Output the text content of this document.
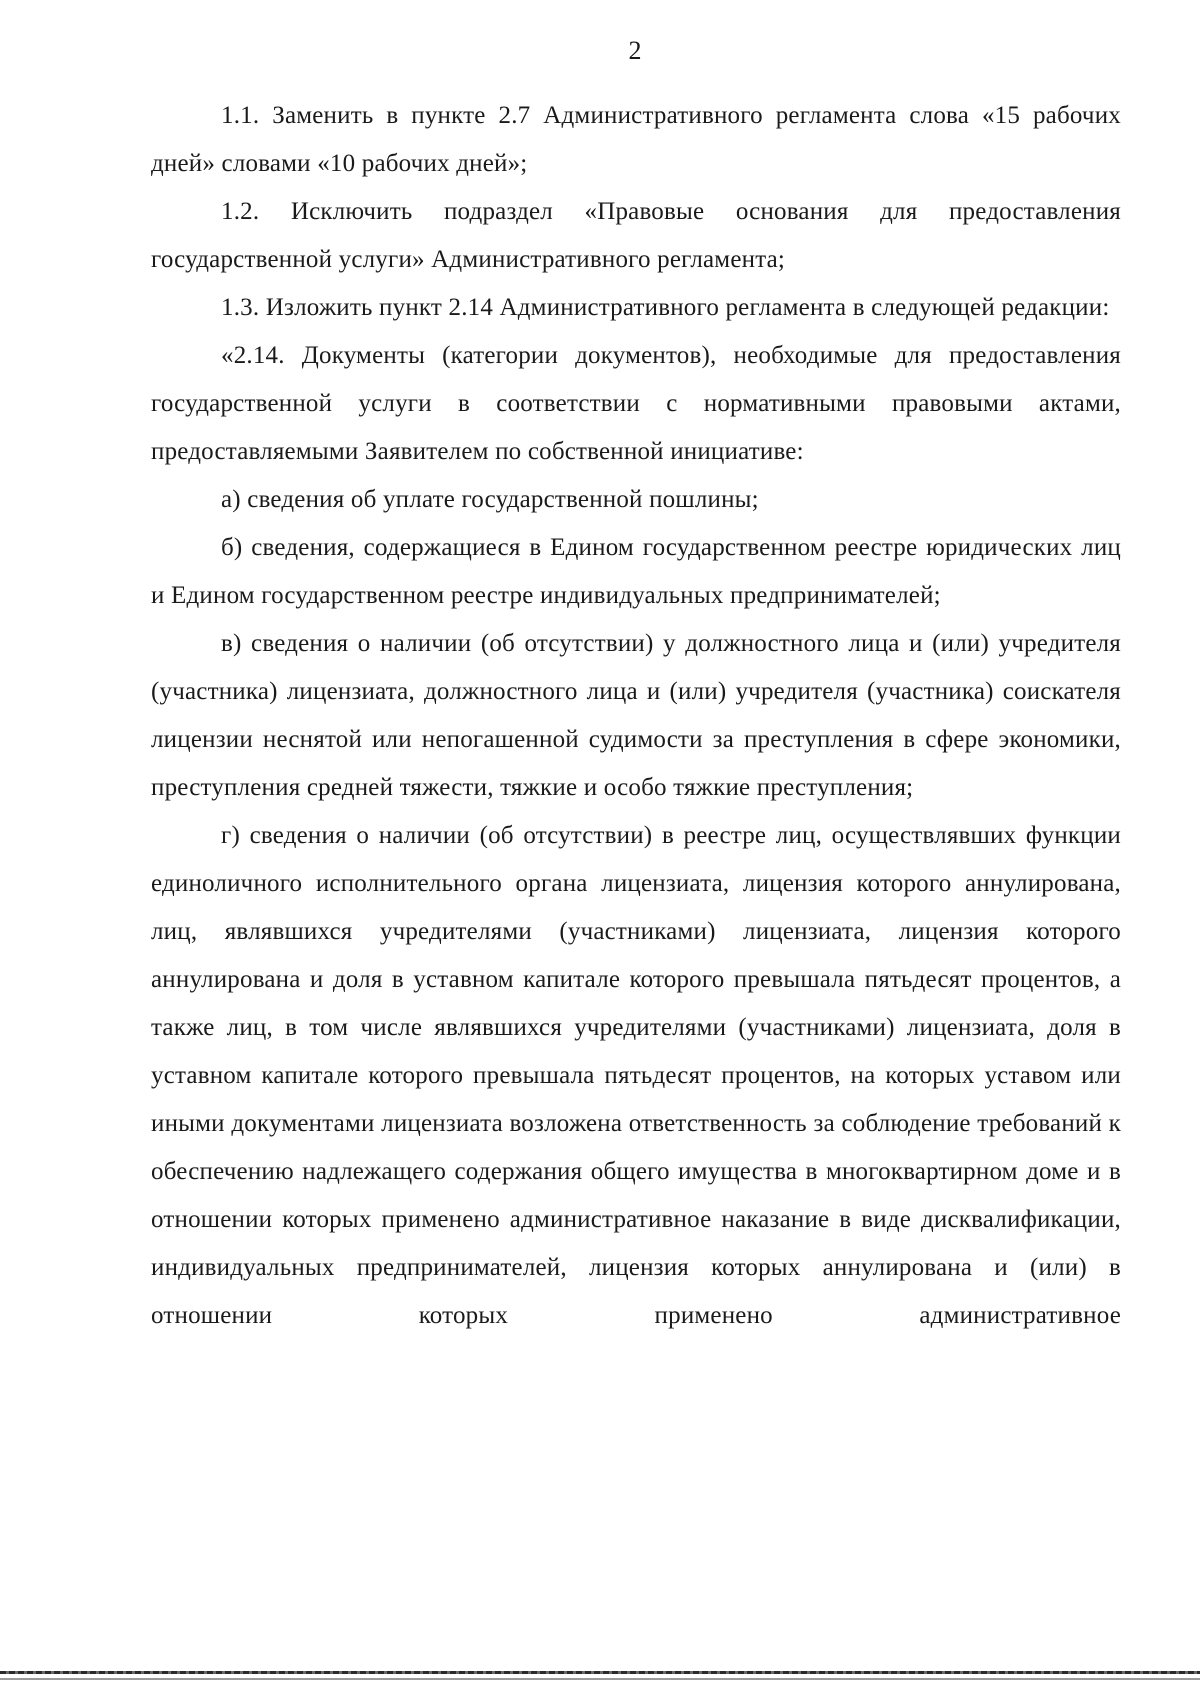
2

1.1. Заменить в пункте 2.7 Административного регламента слова «15 рабочих дней» словами «10 рабочих дней»;

1.2. Исключить подраздел «Правовые основания для предоставления государственной услуги» Административного регламента;

1.3. Изложить пункт 2.14 Административного регламента в следующей редакции:

«2.14. Документы (категории документов), необходимые для предоставления государственной услуги в соответствии с нормативными правовыми актами, предоставляемыми Заявителем по собственной инициативе:

а) сведения об уплате государственной пошлины;

б) сведения, содержащиеся в Едином государственном реестре юридических лиц и Едином государственном реестре индивидуальных предпринимателей;

в) сведения о наличии (об отсутствии) у должностного лица и (или) учредителя (участника) лицензиата, должностного лица и (или) учредителя (участника) соискателя лицензии неснятой или непогашенной судимости за преступления в сфере экономики, преступления средней тяжести, тяжкие и особо тяжкие преступления;

г) сведения о наличии (об отсутствии) в реестре лиц, осуществлявших функции единоличного исполнительного органа лицензиата, лицензия которого аннулирована, лиц, являвшихся учредителями (участниками) лицензиата, лицензия которого аннулирована и доля в уставном капитале которого превышала пятьдесят процентов, а также лиц, в том числе являвшихся учредителями (участниками) лицензиата, доля в уставном капитале которого превышала пятьдесят процентов, на которых уставом или иными документами лицензиата возложена ответственность за соблюдение требований к обеспечению надлежащего содержания общего имущества в многоквартирном доме и в отношении которых применено административное наказание в виде дисквалификации, индивидуальных предпринимателей, лицензия которых аннулирована и (или) в отношении которых применено административное
